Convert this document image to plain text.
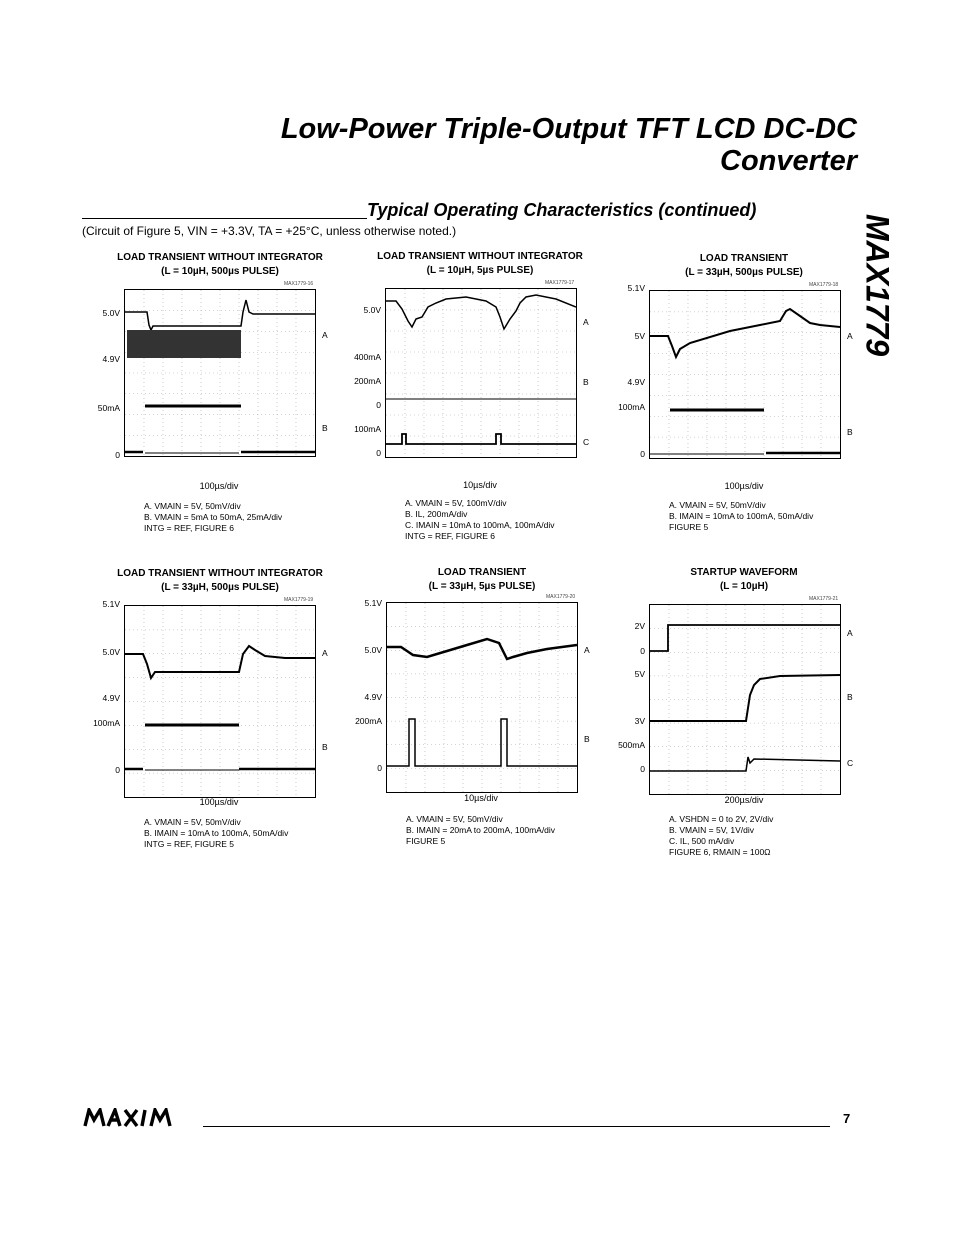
Low-Power Triple-Output TFT LCD DC-DC
Converter
MAX1779
Typical Operating Characteristics (continued)
(Circuit of Figure 5, VIN = +3.3V, TA = +25°C, unless otherwise noted.)
LOAD TRANSIENT WITHOUT INTEGRATOR
(L = 10µH, 500µs PULSE)
MAX1779-16
5.0V
4.9V
50mA
0
A
B
100µs/div
A. VMAIN = 5V, 50mV/div
B. VMAIN = 5mA to 50mA, 25mA/div
INTG = REF, FIGURE 6
LOAD TRANSIENT WITHOUT INTEGRATOR
(L = 10µH, 5µs PULSE)
MAX1779-17
5.0V
400mA
200mA
0
100mA
0
A
B
C
10µs/div
A. VMAIN = 5V, 100mV/div
B. IL, 200mA/div
C. IMAIN = 10mA to 100mA, 100mA/div
INTG = REF, FIGURE 6
LOAD TRANSIENT
(L = 33µH, 500µs PULSE)
MAX1779-18
5.1V
5V
4.9V
100mA
0
A
B
100µs/div
A. VMAIN = 5V, 50mV/div
B. IMAIN = 10mA to 100mA, 50mA/div
FIGURE 5
LOAD TRANSIENT WITHOUT INTEGRATOR
(L = 33µH, 500µs PULSE)
MAX1779-19
5.1V
5.0V
4.9V
100mA
0
A
B
100µs/div
A. VMAIN = 5V, 50mV/div
B. IMAIN = 10mA to 100mA, 50mA/div
INTG = REF, FIGURE 5
LOAD TRANSIENT
(L = 33µH, 5µs PULSE)
MAX1779-20
5.1V
5.0V
4.9V
200mA
0
A
B
10µs/div
A. VMAIN = 5V, 50mV/div
B. IMAIN = 20mA to 200mA, 100mA/div
FIGURE 5
STARTUP WAVEFORM
(L = 10µH)
MAX1779-21
2V
0
5V
3V
500mA
0
A
B
C
200µs/div
A. VSHDN = 0 to 2V, 2V/div
B. VMAIN = 5V, 1V/div
C. IL, 500 mA/div
FIGURE 6, RMAIN = 100Ω
7
